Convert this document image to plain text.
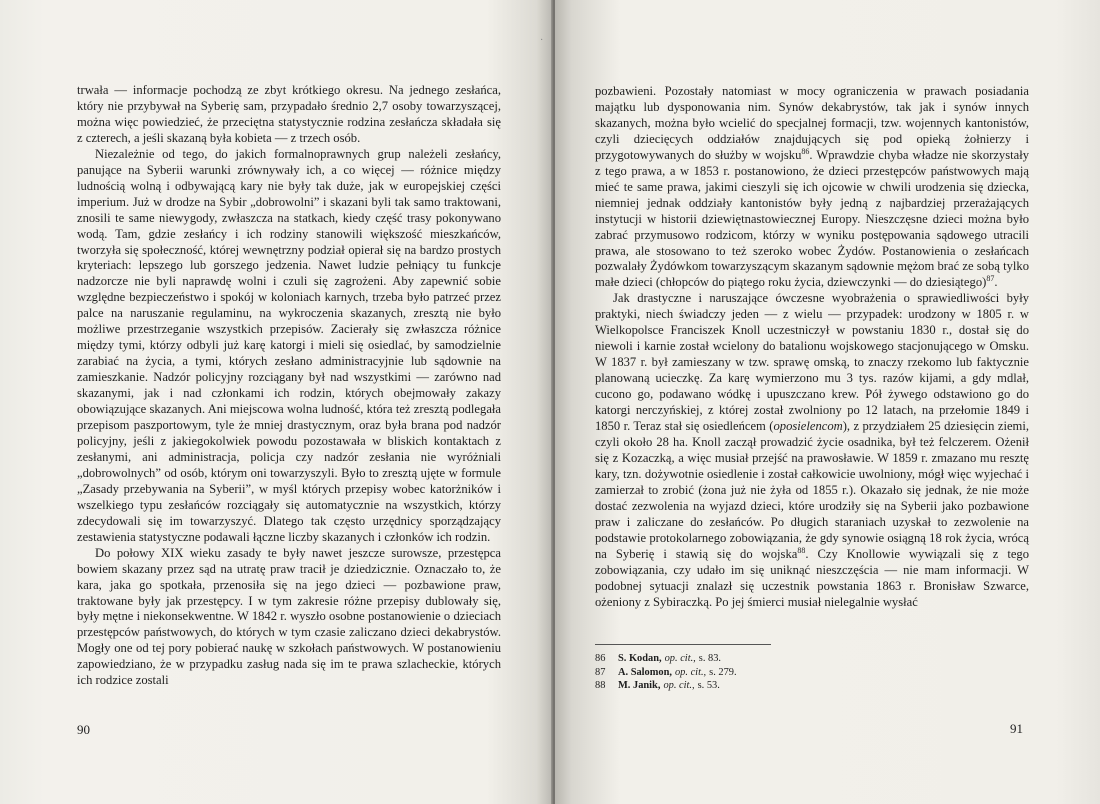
trwała — informacje pochodzą ze zbyt krótkiego okresu. Na jednego zesłańca, który nie przybywał na Syberię sam, przypadało średnio 2,7 osoby towarzyszącej, można więc powiedzieć, że przeciętna statystycznie rodzina zesłańcza składała się z czterech, a jeśli skazaną była kobieta — z trzech osób.

Niezależnie od tego, do jakich formalnoprawnych grup należeli zesłańcy, panujące na Syberii warunki zrównywały ich, a co więcej — różnice między ludnością wolną i odbywającą kary nie były tak duże, jak w europejskiej części imperium. Już w drodze na Sybir „dobrowolni” i skazani byli tak samo traktowani, znosili te same niewygody, zwłaszcza na statkach, kiedy część trasy pokonywano wodą. Tam, gdzie zesłańcy i ich rodziny stanowili większość mieszkańców, tworzyła się społeczność, której wewnętrzny podział opierał się na bardzo prostych kryteriach: lepszego lub gorszego jedzenia. Nawet ludzie pełniący tu funkcje nadzorcze nie byli naprawdę wolni i czuli się zagrożeni. Aby zapewnić sobie względne bezpieczeństwo i spokój w koloniach karnych, trzeba było patrzeć przez palce na naruszanie regulaminu, na wykroczenia skazanych, zresztą nie było możliwe przestrzeganie wszystkich przepisów. Zacierały się zwłaszcza różnice między tymi, którzy odbyli już karę katorgi i mieli się osiedlać, by samodzielnie zarabiać na życia, a tymi, których zesłano administracyjnie lub sądownie na zamieszkanie. Nadzór policyjny rozciągany był nad wszystkimi — zarówno nad skazanymi, jak i nad członkami ich rodzin, których obejmowały zakazy obowiązujące skazanych. Ani miejscowa wolna ludność, która też zresztą podlegała przepisom paszportowym, tyle że mniej drastycznym, oraz była brana pod nadzór policyjny, jeśli z jakiegokolwiek powodu pozostawała w bliskich kontaktach z zesłanymi, ani administracja, policja czy nadzór zesłania nie wyróżniali „dobrowolnych” od osób, którym oni towarzyszyli. Było to zresztą ujęte w formule „Zasady przebywania na Syberii”, w myśl których przepisy wobec katorżników i wszelkiego typu zesłańców rozciągały się automatycznie na wszystkich, którzy zdecydowali się im towarzyszyć. Dlatego tak często urzędnicy sporządzający zestawienia statystyczne podawali łączne liczby skazanych i członków ich rodzin.

Do połowy XIX wieku zasady te były nawet jeszcze surowsze, przestępca bowiem skazany przez sąd na utratę praw tracił je dziedzicznie. Oznaczało to, że kara, jaka go spotkała, przenosiła się na jego dzieci — pozbawione praw, traktowane były jak przestępcy. I w tym zakresie różne przepisy dublowały się, były mętne i niekonsekwentne. W 1842 r. wyszło osobne postanowienie o dzieciach przestępców państwowych, do których w tym czasie zaliczano dzieci dekabrystów. Mogły one od tej pory pobierać naukę w szkołach państwowych. W postanowieniu zapowiedziano, że w przypadku zasług nada się im te prawa szlacheckie, których ich rodzice zostali

90
·

pozbawieni. Pozostały natomiast w mocy ograniczenia w prawach posiadania majątku lub dysponowania nim. Synów dekabrystów, tak jak i synów innych skazanych, można było wcielić do specjalnej formacji, tzw. wojennych kantonistów, czyli dziecięcych oddziałów znajdujących się pod opieką żołnierzy i przygotowywanych do służby w wojsku$^{86}$. Wprawdzie chyba władze nie skorzystały z tego prawa, a w 1853 r. postanowiono, że dzieci przestępców państwowych mają mieć te same prawa, jakimi cieszyli się ich ojcowie w chwili urodzenia się dziecka, niemniej jednak oddziały kantonistów były jedną z najbardziej przerażających instytucji w historii dziewiętnastowiecznej Europy. Nieszczęsne dzieci można było zabrać przymusowo rodzicom, którzy w wyniku postępowania sądowego utracili prawa, ale stosowano to też szeroko wobec Żydów. Postanowienia o zesłańcach pozwalały Żydówkom towarzyszącym skazanym sądownie mężom brać ze sobą tylko małe dzieci (chłopców do piątego roku życia, dziewczynki — do dziesiątego)$^{87}$.

Jak drastyczne i naruszające ówczesne wyobrażenia o sprawiedliwości były praktyki, niech świadczy jeden — z wielu — przypadek: urodzony w 1805 r. w Wielkopolsce Franciszek Knoll uczestniczył w powstaniu 1830 r., dostał się do niewoli i karnie został wcielony do batalionu wojskowego stacjonującego w Omsku. W 1837 r. był zamieszany w tzw. sprawę omską, to znaczy rzekomo lub faktycznie planowaną ucieczkę. Za karę wymierzono mu 3 tys. razów kijami, a gdy mdlał, cucono go, podawano wódkę i upuszczano krew. Pół żywego odstawiono go do katorgi nerczyńskiej, z której został zwolniony po 12 latach, na przełomie 1849 i 1850 r. Teraz stał się osiedleńcem (oposielencom), z przydziałem 25 dziesięcin ziemi, czyli około 28 ha. Knoll zaczął prowadzić życie osadnika, był też felczerem. Ożenił się z Kozaczką, a więc musiał przejść na prawosławie. W 1859 r. zmazano mu resztę kary, tzn. dożywotnie osiedlenie i został całkowicie uwolniony, mógł więc wyjechać i zamierzał to zrobić (żona już nie żyła od 1855 r.). Okazało się jednak, że nie może dostać zezwolenia na wyjazd dzieci, które urodziły się na Syberii jako pozbawione praw i zaliczane do zesłańców. Po długich staraniach uzyskał to zezwolenie na podstawie protokolarnego zobowiązania, że gdy synowie osiągną 18 rok życia, wrócą na Syberię i stawią się do wojska$^{88}$. Czy Knollowie wywiązali się z tego zobowiązania, czy udało im się uniknąć nieszczęścia — nie mam informacji. W podobnej sytuacji znalazł się uczestnik powstania 1863 r. Bronisław Szwarce, ożeniony z Sybiraczką. Po jej śmierci musiał nielegalnie wysłać

86	S. Kodan, op. cit., s. 83.
87	A. Salomon, op. cit., s. 279.
88	M. Janik, op. cit., s. 53.
91
